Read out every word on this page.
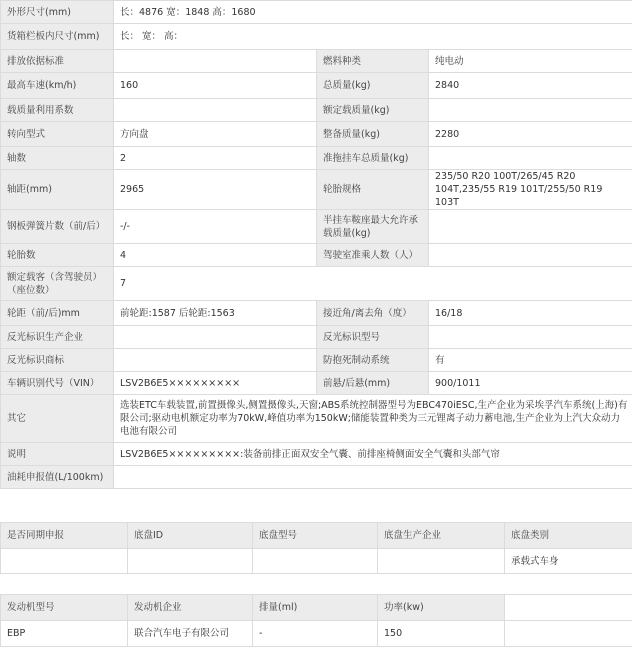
外形尺寸(mm)	长：4876 宽：1848 高：1680		
货箱栏板内尺寸(mm)	长： 宽： 高：		
排放依据标准		燃料种类	纯电动
最高车速(km/h)	160	总质量(kg)	2840
载质量利用系数		额定载质量(kg)	
转向型式	方向盘	整备质量(kg)	2280
轴数	2	准拖挂车总质量(kg)	
轴距(mm)	2965	轮胎规格	235/50 R20 100T/265/45 R20 104T,235/55 R19 101T/255/50 R19 103T
钢板弹簧片数（前/后）	-/-	半挂车鞍座最大允许承载质量(kg)	
轮胎数	4	驾驶室准乘人数（人）	
额定载客（含驾驶员）（座位数）	7		
轮距（前/后)mm	前轮距:1587 后轮距:1563	接近角/离去角（度）	16/18
反光标识生产企业		反光标识型号	
反光标识商标		防抱死制动系统	有
车辆识别代号（VIN）	LSV2B6E5×××××××××	前悬/后悬(mm)	900/1011
其它	选装ETC车载装置,前置摄像头,侧置摄像头,天窗;ABS系统控制器型号为EBC470iESC,生产企业为采埃孚汽车系统(上海)有限公司;驱动电机额定功率为70kW,峰值功率为150kW;储能装置种类为三元锂离子动力蓄电池,生产企业为上汽大众动力电池有限公司		
说明	LSV2B6E5×××××××××:装备前排正面双安全气囊、前排座椅侧面安全气囊和头部气帘		
油耗申报值(L/100km)			
是否同期申报	底盘ID	底盘型号	底盘生产企业	底盘类别
				承载式车身
发动机型号	发动机企业	排量(ml)	功率(kw)	
EBP	联合汽车电子有限公司	-	150	
